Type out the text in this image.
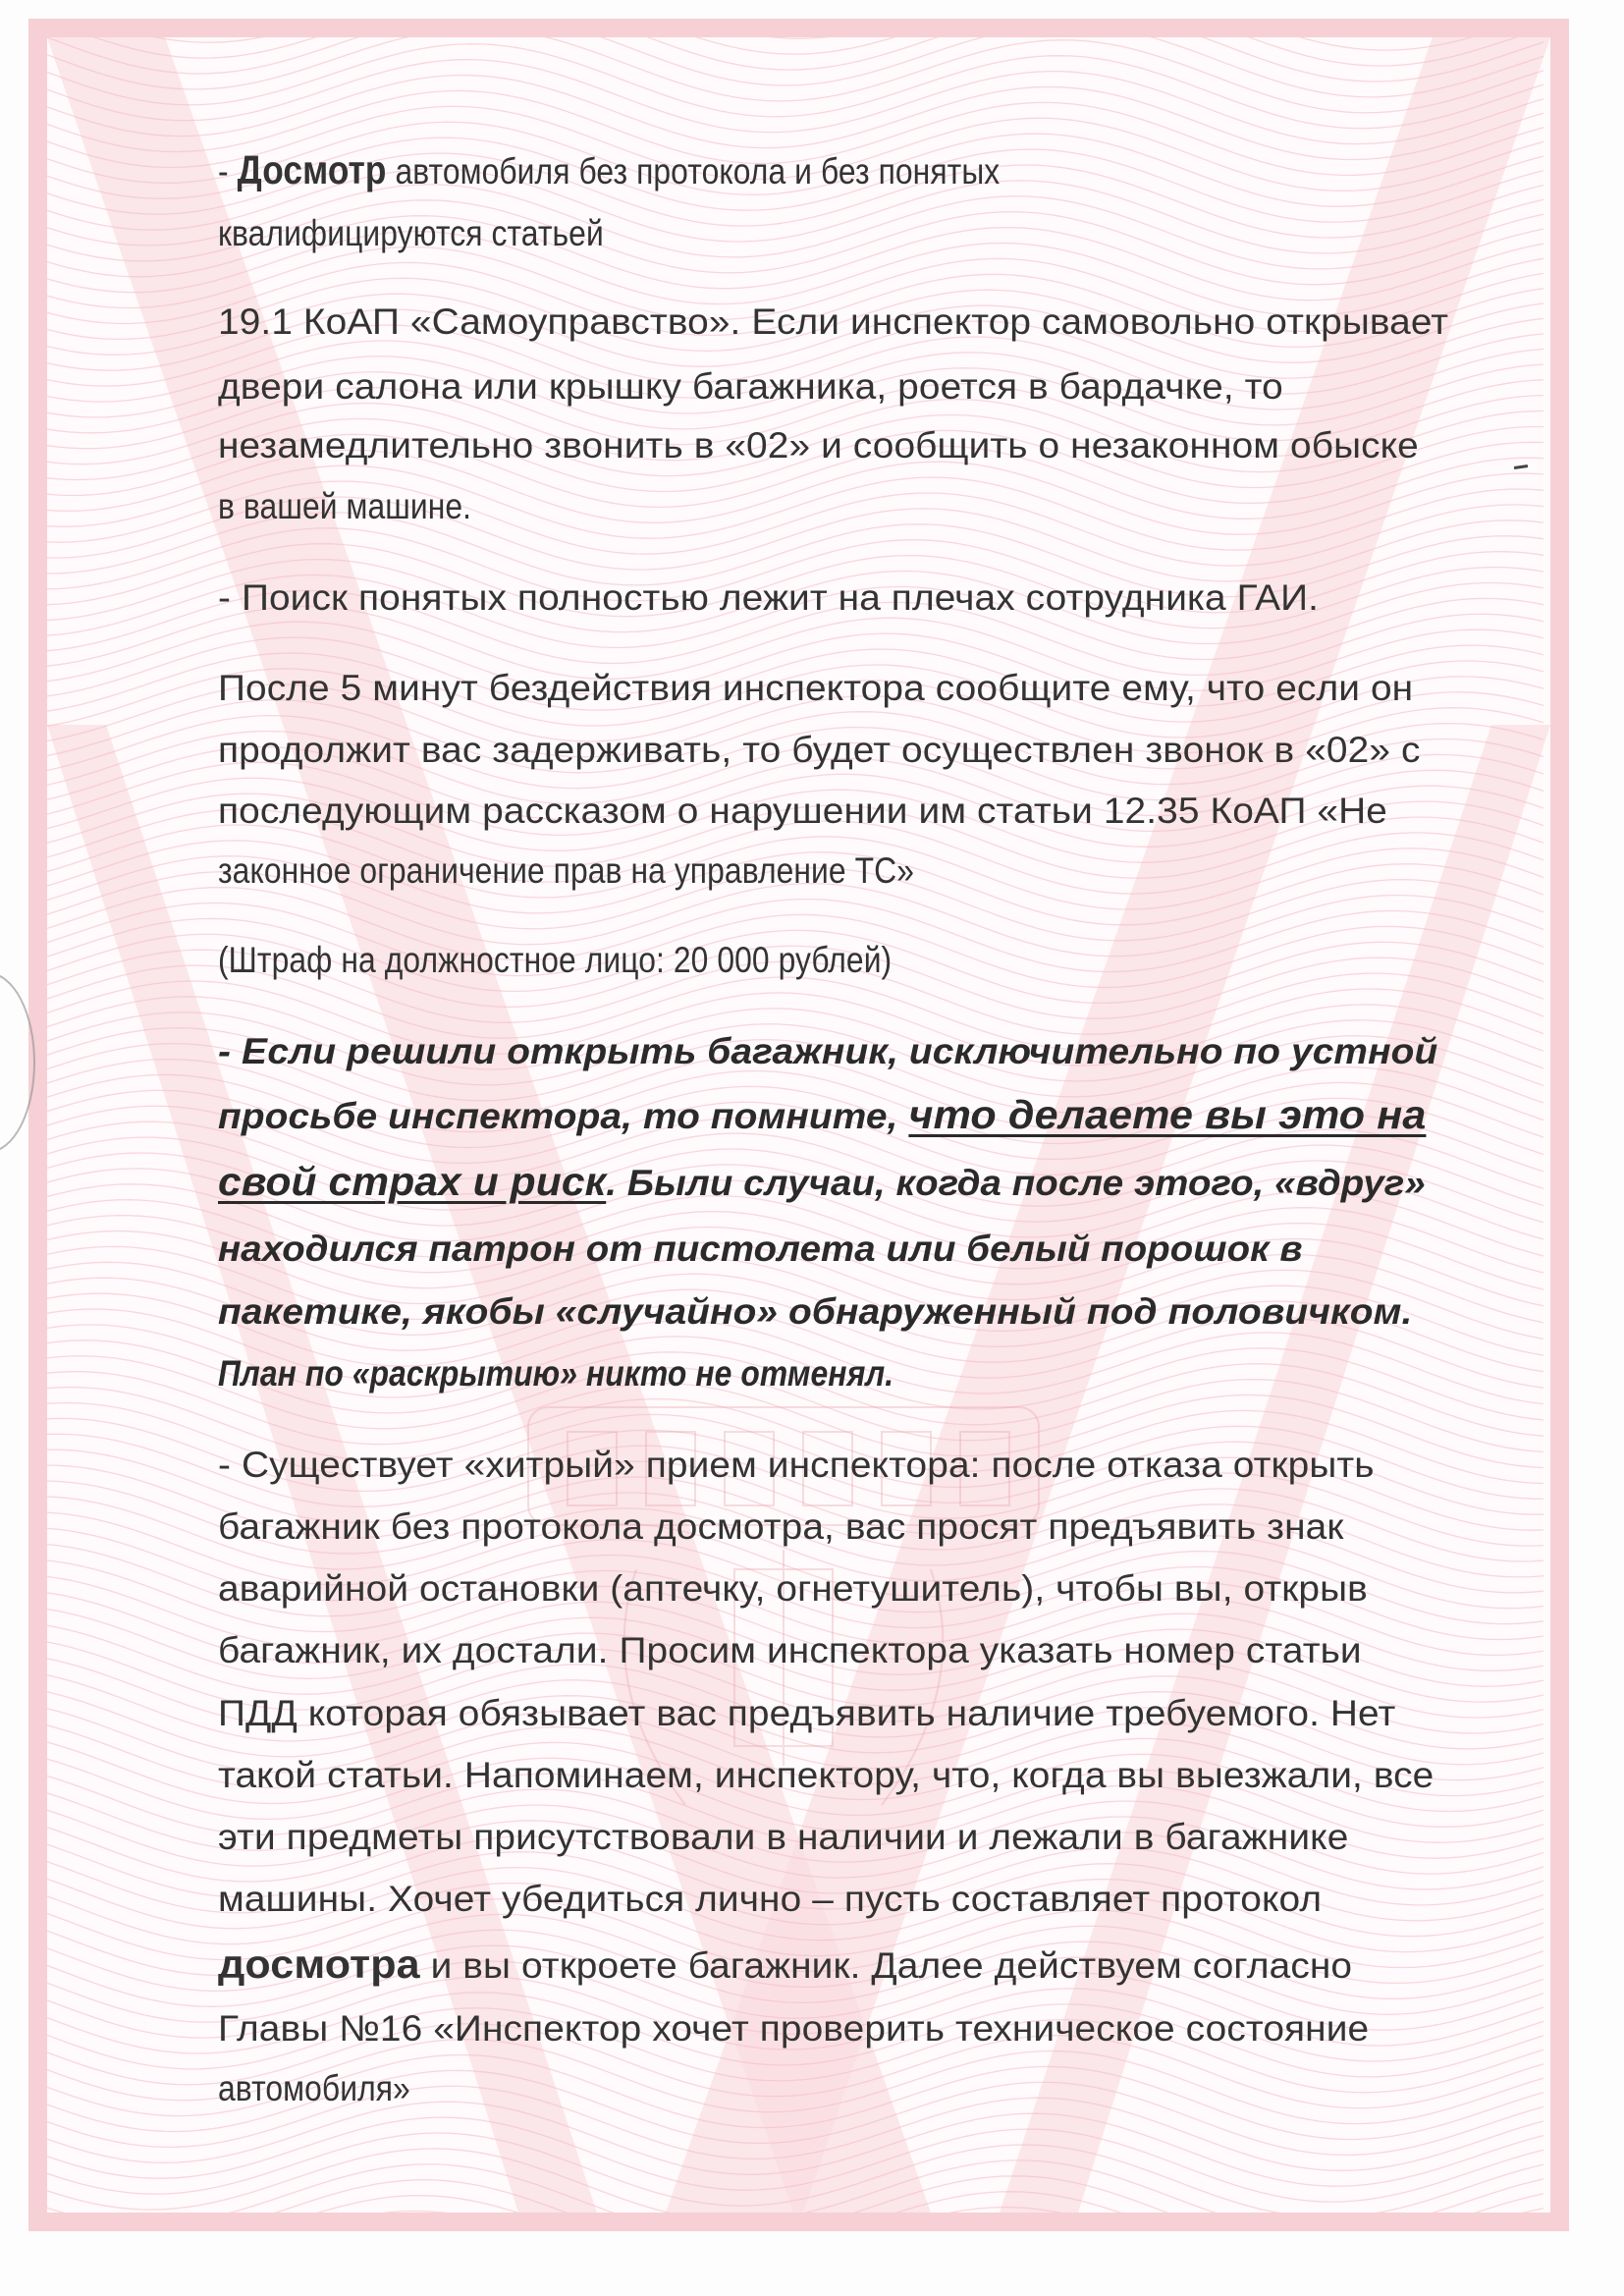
- Досмотр автомобиля без протокола и без понятых
квалифицируются статьей
19.1 КоАП «Самоуправство». Если инспектор самовольно открывает
двери салона или крышку багажника, роется в бардачке, то
незамедлительно звонить в «02» и сообщить о незаконном обыске
в вашей машине.
- Поиск понятых полностью лежит на плечах сотрудника ГАИ.
После 5 минут бездействия инспектора сообщите ему, что если он
продолжит вас задерживать, то будет осуществлен звонок в «02» с
последующим рассказом о нарушении им статьи 12.35 КоАП «Не
законное ограничение прав на управление ТС»
(Штраф на должностное лицо: 20 000 рублей)
- Если решили открыть багажник, исключительно по устной
просьбе инспектора, то помните, что делаете вы это на
свой страх и риск. Были случаи, когда после этого, «вдруг»
находился патрон от пистолета или белый порошок в
пакетике, якобы «случайно» обнаруженный под половичком.
План по «раскрытию» никто не отменял.
- Существует «хитрый» прием инспектора: после отказа открыть
багажник без протокола досмотра, вас просят предъявить знак
аварийной остановки (аптечку, огнетушитель), чтобы вы, открыв
багажник, их достали. Просим инспектора указать номер статьи
ПДД которая обязывает вас предъявить наличие требуемого. Нет
такой статьи. Напоминаем, инспектору, что, когда вы выезжали, все
эти предметы присутствовали в наличии и лежали в багажнике
машины. Хочет убедиться лично – пусть составляет протокол
досмотра и вы откроете багажник. Далее действуем согласно
Главы №16 «Инспектор хочет проверить техническое состояние
автомобиля»
